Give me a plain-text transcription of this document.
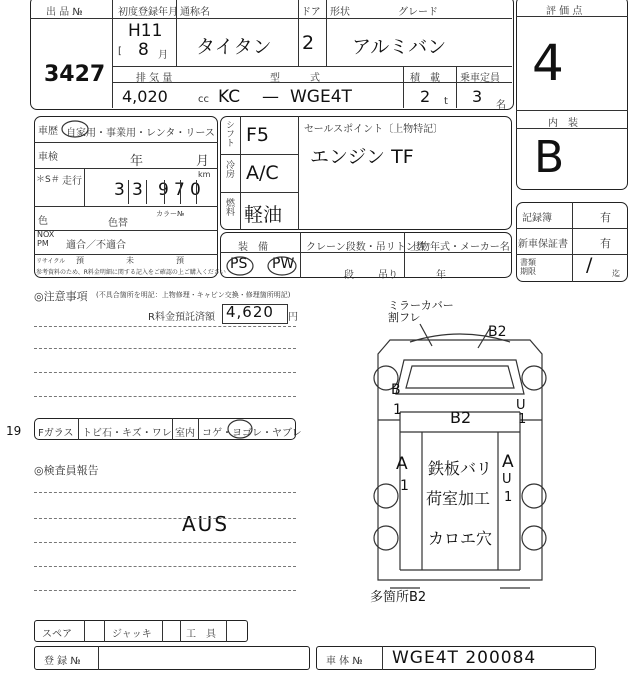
出 品 №
3427
初度登録年月
H11
[ 8 月
通称名
タイタン
ドア
2
形状
アルミバン
グレード
排 気 量
4,020	cc
型　　　式
KC — WGE4T
積　載
2 t
乗車定員
3 名
評 価 点
4
内　装
B
車歴 自家用・事業用・レンタ・リース
車検	年	月
＊S＃ 走行 3 3 9 7 0
km
色	色替
カラー№
NOX
PM	適合／不適合
リサイクル 預	未	預
参考資料のため、R料金明細に関する記入をご確認の上ご購入ください
シフト F5
冷房 A/C
燃料 軽油
セールスポイント〔上物特記〕
エンジン TF
装　備	クレーン段数・吊リトン数
上物年式・メーカー名
PS PW
段 吊り	年
記録簿	有
新車保証書	有
書類期限	/ 迄
◎注意事項 (不具合箇所を明記：上物修理・キャビン交換・修理箇所明記)
R料金預託済額 4,620 円
19 Fガラス トビ石・キズ・ワレ 室内 コゲ・ヨゴレ・ヤブレ
◎検査員報告
AUS
ミラーカバー
割フレ
B2
B
1	U
1
B2
A
1
A
U
1
鉄板バリ
荷室加工
カロエ穴
多箇所B2
スペア	ジャッキ	工　具
登 録 №	車 体 № WGE4T 200084
